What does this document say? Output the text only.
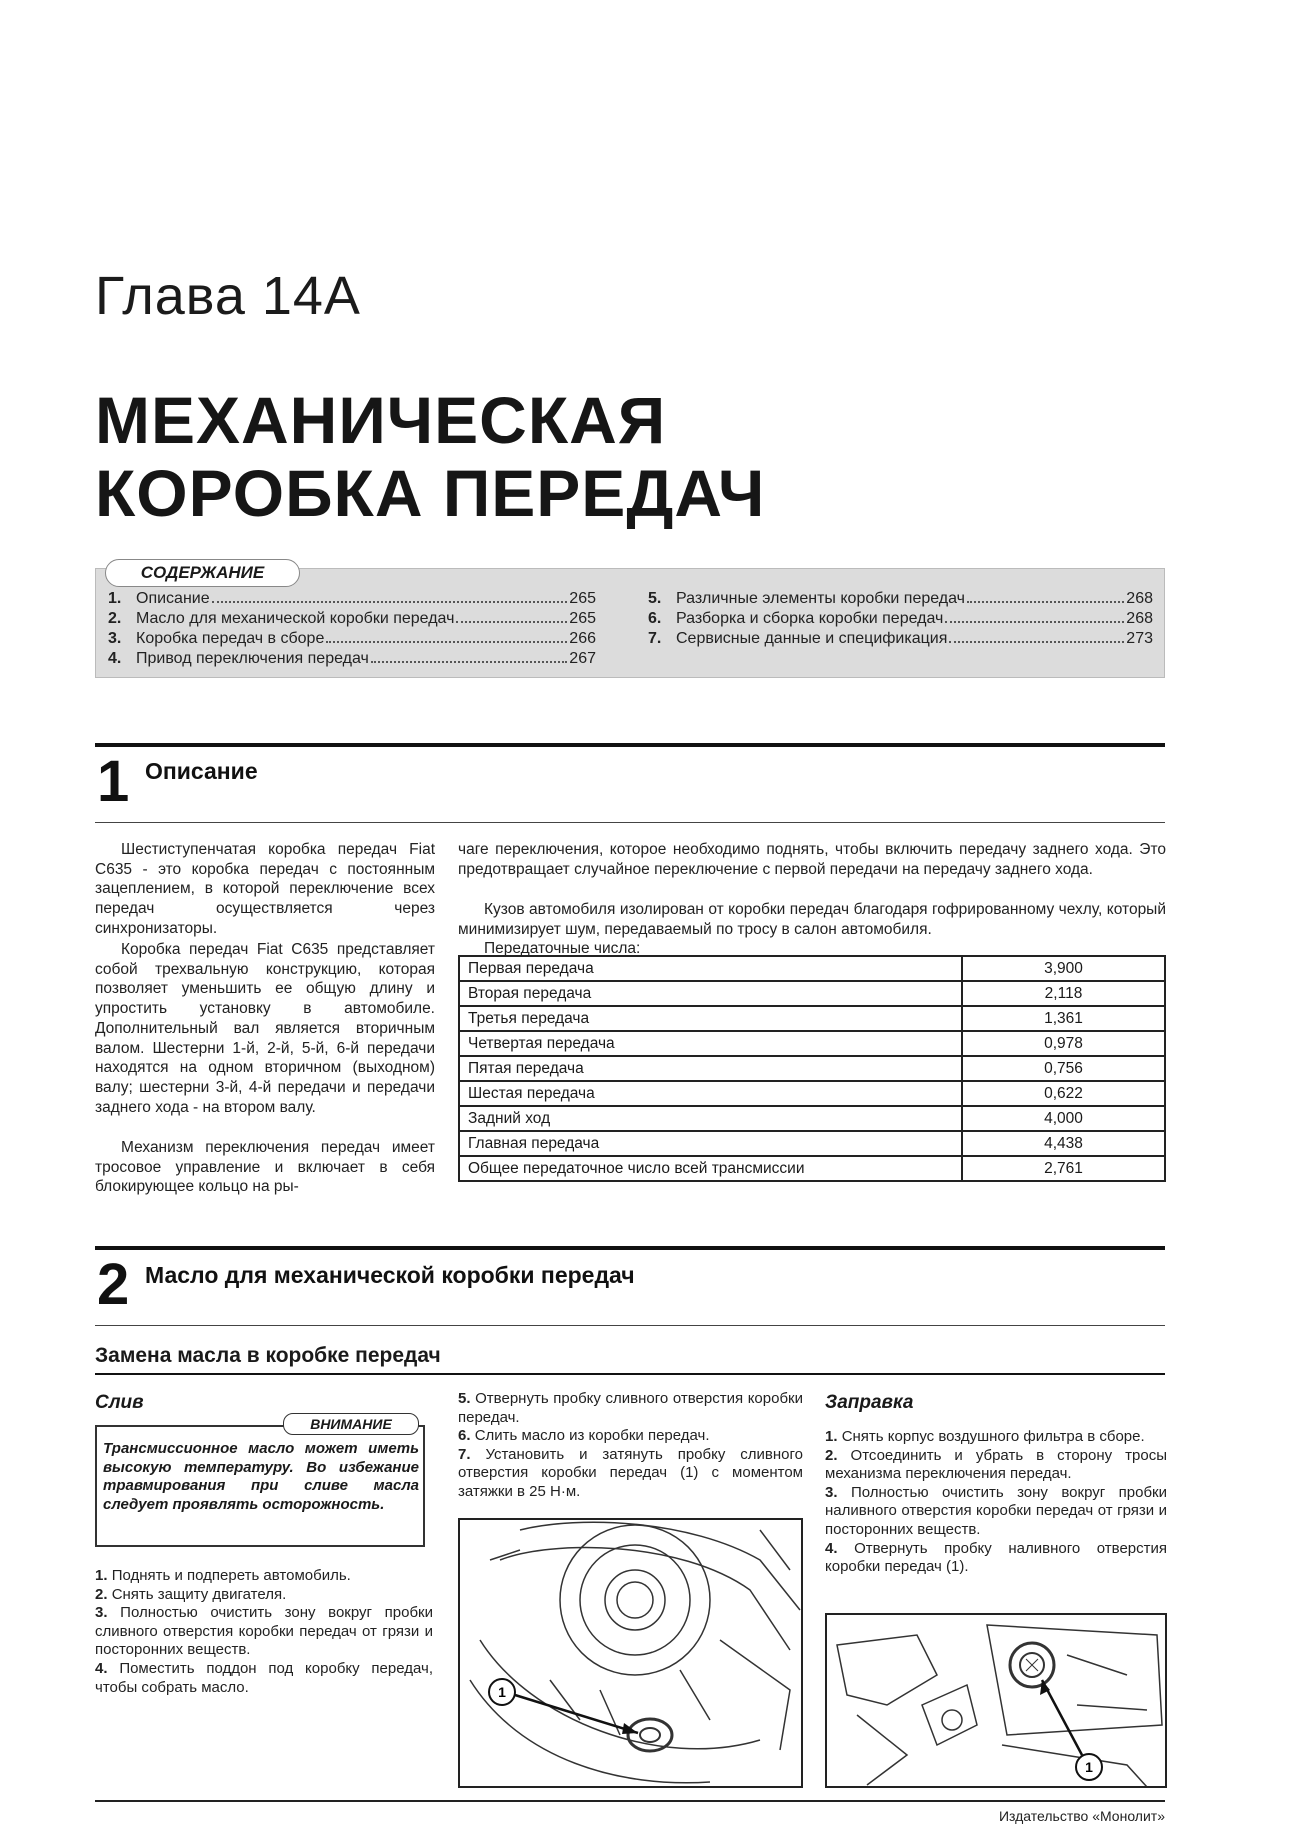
Глава 14А
МЕХАНИЧЕСКАЯ
КОРОБКА ПЕРЕДАЧ
1. Описание	265
2. Масло для механической коробки передач	265
3. Коробка передач в сборе	266
4. Привод переключения передач	267
5. Различные элементы коробки передач	268
6. Разборка и сборка коробки передач	268
7. Сервисные данные и спецификация	273
СОДЕРЖАНИЕ
1 Описание
Шестиступенчатая коробка передач Fiat C635 - это коробка передач с постоянным зацеплением, в которой переключение всех передач осуществляется через синхронизаторы.
Коробка передач Fiat C635 представляет собой трехвальную конструкцию, которая позволяет уменьшить ее общую длину и упростить установку в автомобиле. Дополнительный вал является вторичным валом. Шестерни 1-й, 2-й, 5-й, 6-й передачи находятся на одном вторичном (выходном) валу; шестерни 3-й, 4-й передачи и передачи заднего хода - на втором валу.
Механизм переключения передач имеет тросовое управление и включает в себя блокирующее кольцо на ры-
чаге переключения, которое необходимо поднять, чтобы включить передачу заднего хода. Это предотвращает случайное переключение с первой передачи на передачу заднего хода.
Кузов автомобиля изолирован от коробки передач благодаря гофрированному чехлу, который минимизирует шум, передаваемый по тросу в салон автомобиля.
Передаточные числа:
Первая передача	3,900
Вторая передача	2,118
Третья передача	1,361
Четвертая передача	0,978
Пятая передача	0,756
Шестая передача	0,622
Задний ход	4,000
Главная передача	4,438
Общее передаточное число всей трансмиссии	2,761
2 Масло для механической коробки передач
Замена масла в коробке передач
Слив
ВНИМАНИЕ
Трансмиссионное масло может иметь высокую температуру. Во избежание травмирования при сливе масла следует проявлять осторожность.
1. Поднять и подпереть автомобиль.
2. Снять защиту двигателя.
3. Полностью очистить зону вокруг пробки сливного отверстия коробки передач от грязи и посторонних веществ.
4. Поместить поддон под коробку передач, чтобы собрать масло.
5. Отвернуть пробку сливного отверстия коробки передач.
6. Слить масло из коробки передач.
7. Установить и затянуть пробку сливного отверстия коробки передач (1) с моментом затяжки в 25 Н·м.
1
Заправка
1. Снять корпус воздушного фильтра в сборе.
2. Отсоединить и убрать в сторону тросы механизма переключения передач.
3. Полностью очистить зону вокруг пробки наливного отверстия коробки передач от грязи и посторонних веществ.
4. Отвернуть пробку наливного отверстия коробки передач (1).
1
Издательство «Монолит»
